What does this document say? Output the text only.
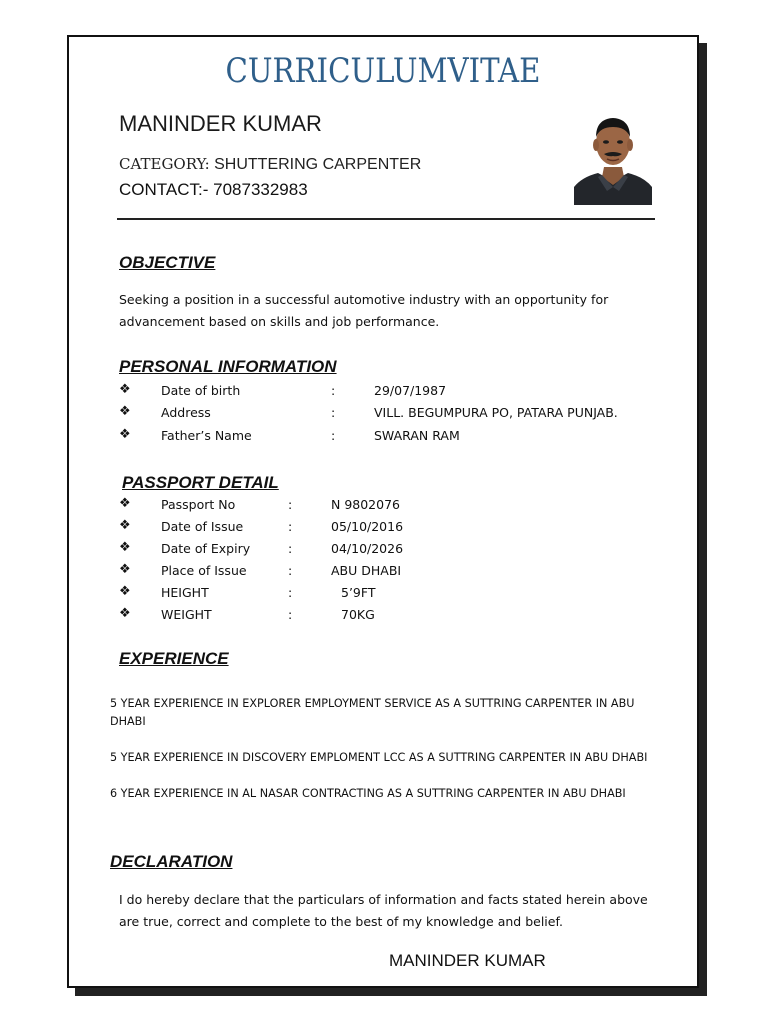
CURRICULUMVITAE
MANINDER KUMAR
CATEGORY: SHUTTERING CARPENTER
CONTACT:- 7087332983
OBJECTIVE
Seeking a position in a successful automotive industry with an opportunity for
advancement based on skills and job performance.
PERSONAL INFORMATION
❖ Date of birth	:	29/07/1987
❖ Address	:	VILL. BEGUMPURA PO, PATARA PUNJAB.
❖ Father’s Name	:	SWARAN RAM
PASSPORT DETAIL
❖ Passport No	:	N 9802076
❖ Date of Issue	:	05/10/2016
❖ Date of Expiry	:	04/10/2026
❖ Place of Issue	:	ABU DHABI
❖ HEIGHT	:	5’9FT
❖ WEIGHT	:	70KG
EXPERIENCE
5 YEAR EXPERIENCE IN EXPLORER EMPLOYMENT SERVICE AS A SUTTRING CARPENTER IN ABU DHABI
5 YEAR EXPERIENCE IN DISCOVERY EMPLOMENT LCC AS A SUTTRING CARPENTER IN ABU DHABI
6 YEAR EXPERIENCE IN AL NASAR CONTRACTING AS A SUTTRING CARPENTER IN ABU DHABI
DECLARATION
I do hereby declare that the particulars of information and facts stated herein above
are true, correct and complete to the best of my knowledge and belief.
MANINDER KUMAR
